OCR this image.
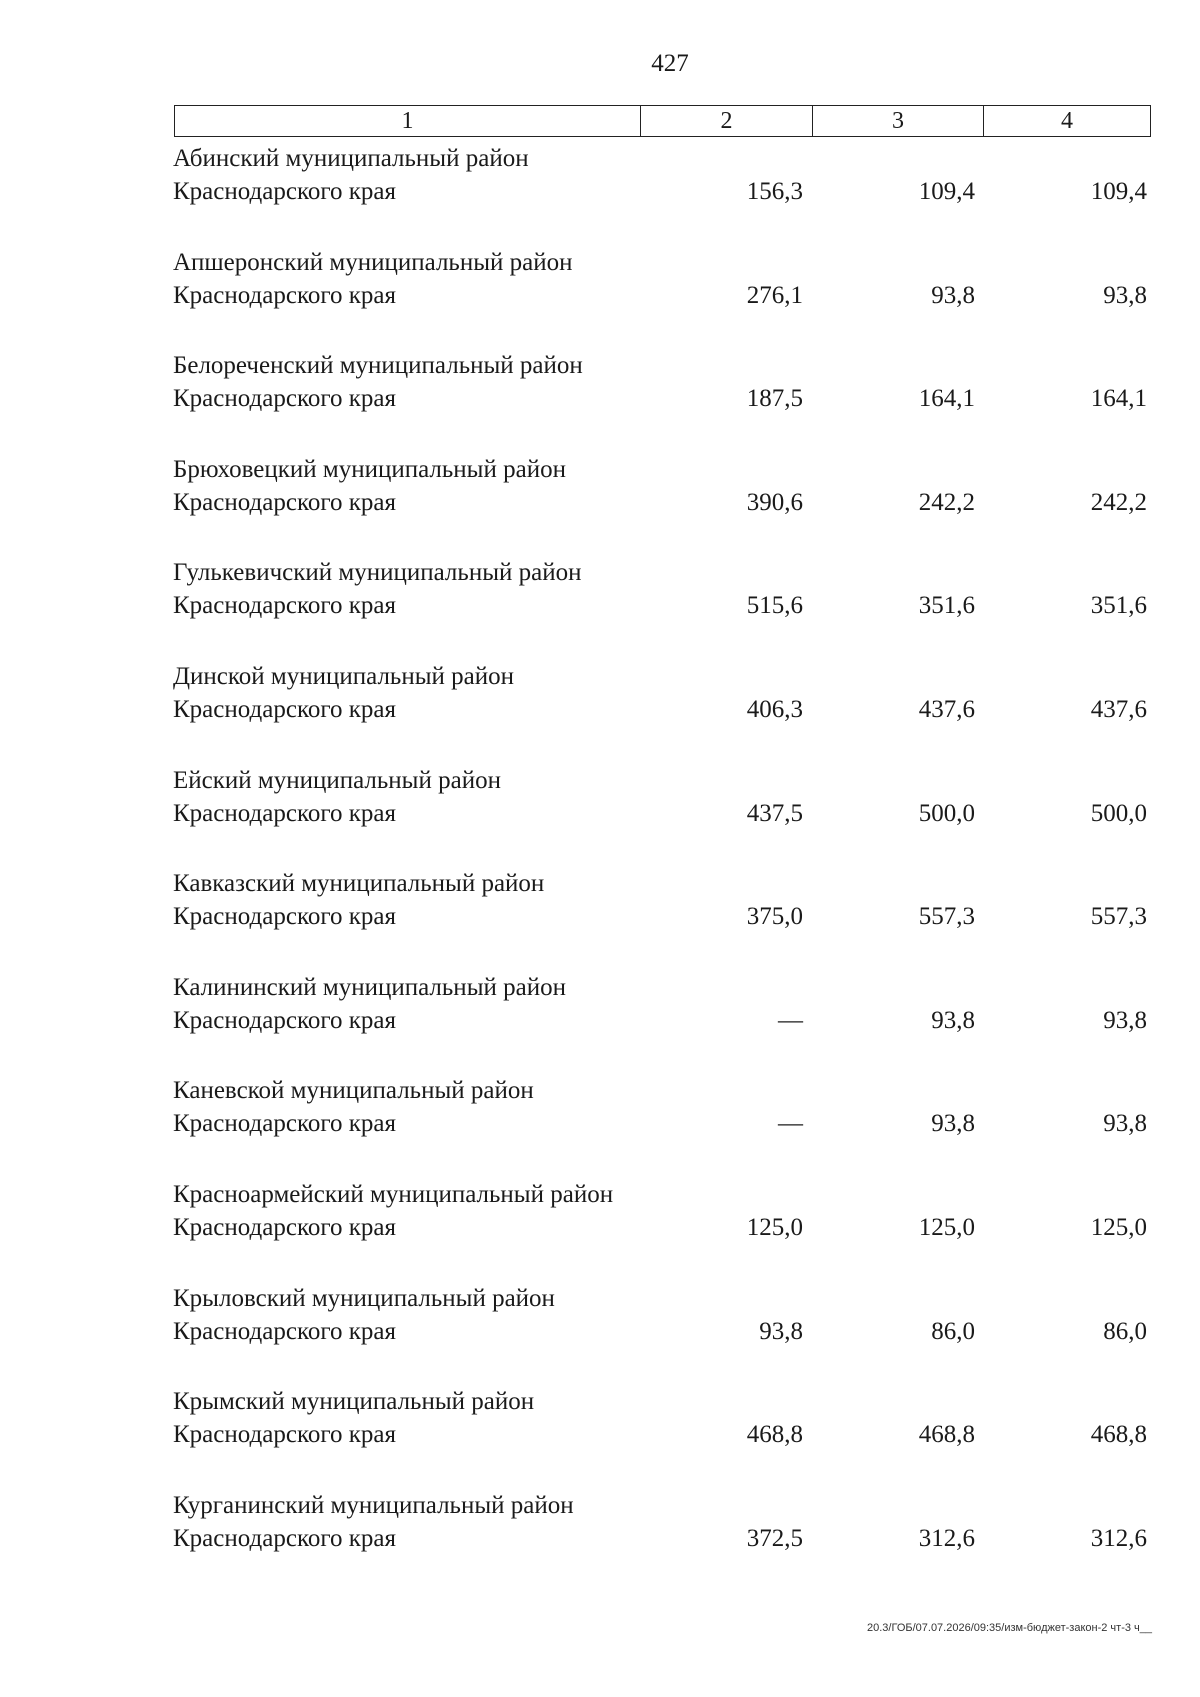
427
1	2	3	4
Абинский муниципальный район Краснодарского края	156,3	109,4	109,4
Апшеронский муниципальный район Краснодарского края	276,1	93,8	93,8
Белореченский муниципальный район Краснодарского края	187,5	164,1	164,1
Брюховецкий муниципальный район Краснодарского края	390,6	242,2	242,2
Гулькевичский муниципальный район Краснодарского края	515,6	351,6	351,6
Динской муниципальный район Краснодарского края	406,3	437,6	437,6
Ейский муниципальный район Краснодарского края	437,5	500,0	500,0
Кавказский муниципальный район Краснодарского края	375,0	557,3	557,3
Калининский муниципальный район Краснодарского края	—	93,8	93,8
Каневской муниципальный район Краснодарского края	—	93,8	93,8
Красноармейский муниципальный район Краснодарского края	125,0	125,0	125,0
Крыловский муниципальный район Краснодарского края	93,8	86,0	86,0
Крымский муниципальный район Краснодарского края	468,8	468,8	468,8
Курганинский муниципальный район Краснодарского края	372,5	312,6	312,6
20.3/ГОБ/07.07.2026/09:35/изм-бюджет-закон-2 чт-3 ч__
